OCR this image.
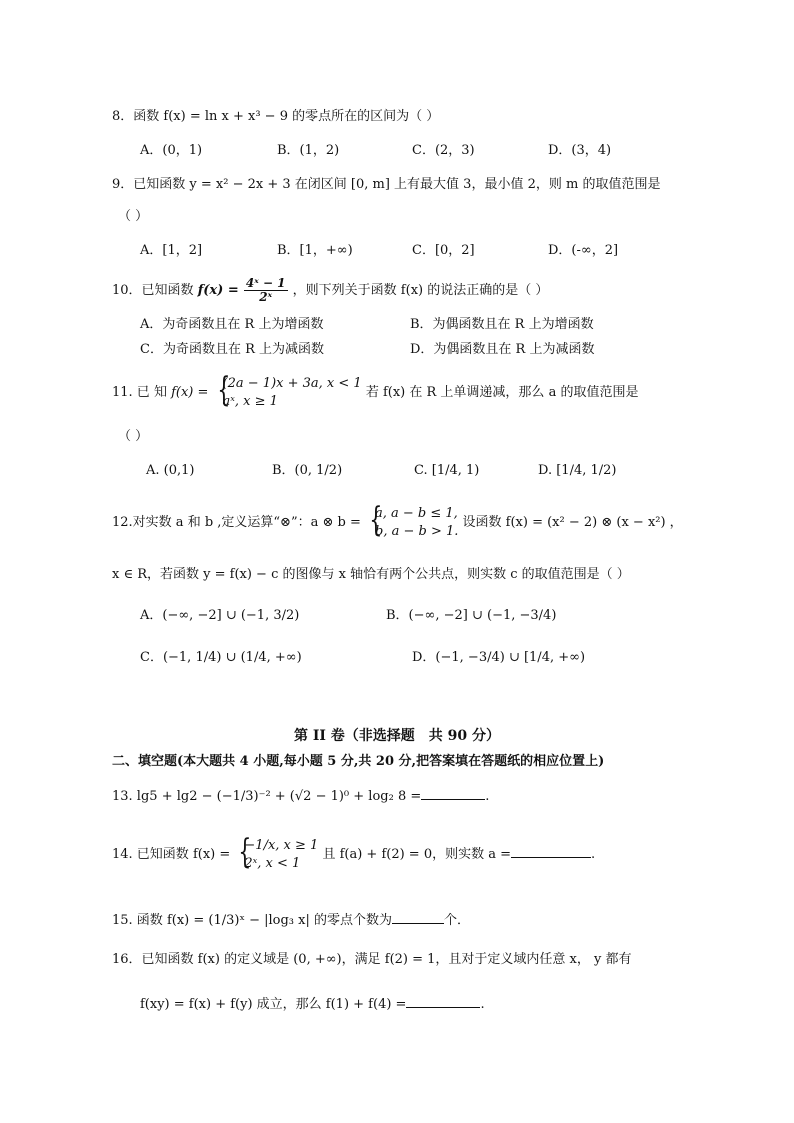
8．函数 f(x) = ln x + x³ − 9 的零点所在的区间为（ ）
A．(0，1)	B．(1，2)	C．(2，3)	D．(3，4)
9．已知函数 y = x² − 2x + 3 在闭区间 [0, m] 上有最大值 3，最小值 2，则 m 的取值范围是
（ ）
A．[1，2]	B．[1，+∞)	C．[0，2]	D．(-∞，2]
10．已知函数 $f(x) = \frac{\text{4ˣ − 1}}{\text{2ˣ}}$ ，则下列关于函数 f(x) 的说法正确的是（ ）
A．为奇函数且在 R 上为增函数	B．为偶函数且在 R 上为增函数
C．为奇函数且在 R 上为减函数	D．为偶函数且在 R 上为减函数
11. 已 知 f(x) = {
(2a − 1)x + 3a, x < 1
aˣ, x ≥ 1
若 f(x) 在 R 上单调递减，那么 a 的取值范围是
（ ）
A. (0,1)	B．(0, 1/2)	C. [1/4, 1)	D. [1/4, 1/2)
12.对实数 a 和 b ,定义运算“⊗”：a ⊗ b = {
a, a − b ≤ 1,
b, a − b > 1.
设函数 f(x) = (x² − 2) ⊗ (x − x²) ，
x ∈ R，若函数 y = f(x) − c 的图像与 x 轴恰有两个公共点，则实数 c 的取值范围是（ ）
A．(−∞, −2] ∪ (−1, 3/2)	B．(−∞, −2] ∪ (−1, −3/4)
C．(−1, 1/4) ∪ (1/4, +∞)	D．(−1, −3/4) ∪ [1/4, +∞)
第 II 卷（非选择题　共 90 分）
二、填空题(本大题共 4 小题,每小题 5 分,共 20 分,把答案填在答题纸的相应位置上)
13. lg5 + lg2 − (−1/3)⁻² + (√2 − 1)⁰ + log₂ 8 =	.
14. 已知函数 f(x) = {
−1/x, x ≥ 1
2ˣ, x < 1
且 f(a) + f(2) = 0，则实数 a =	.
15. 函数 f(x) = (1/3)ˣ − |log₃ x| 的零点个数为	个．
16．已知函数 f(x) 的定义域是 (0, +∞)，满足 f(2) = 1，且对于定义域内任意 x， y 都有
f(xy) = f(x) + f(y) 成立，那么 f(1) + f(4) =	.
